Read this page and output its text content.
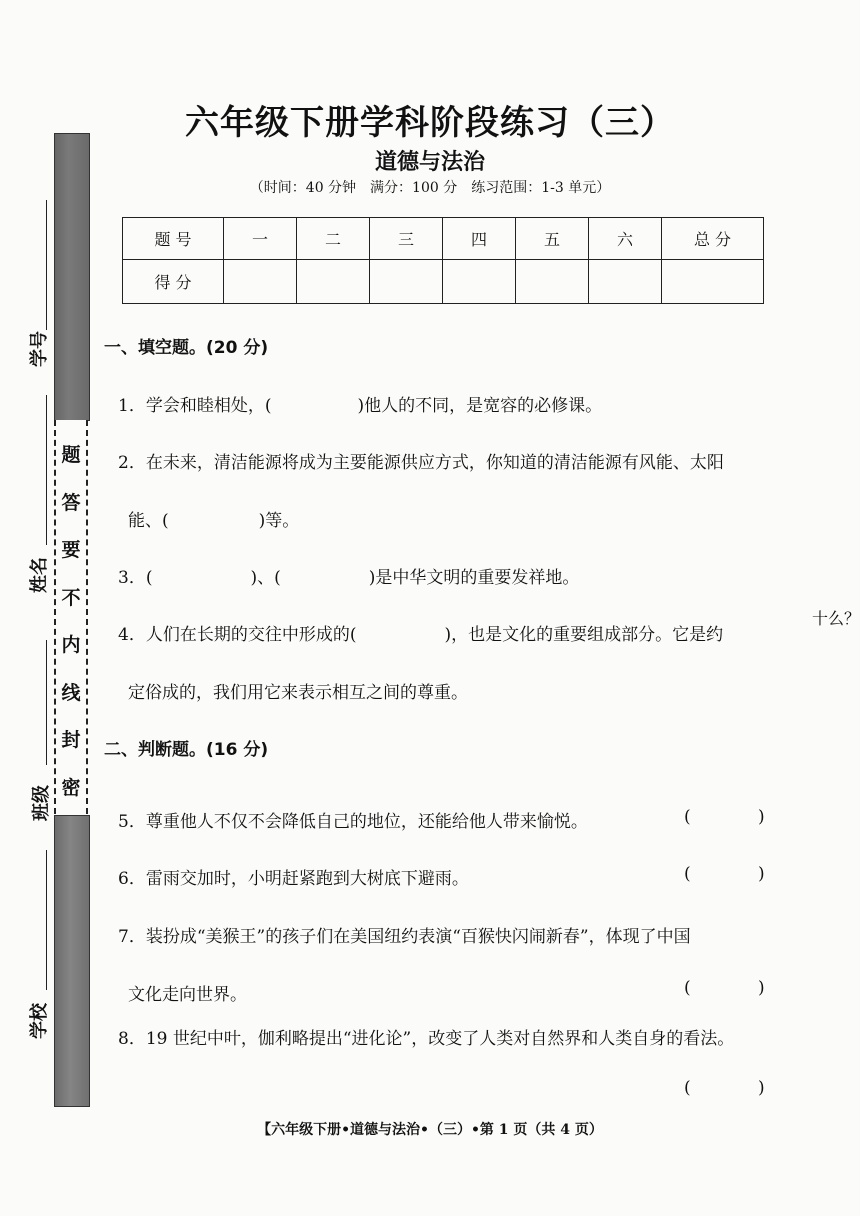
题
答
要
不
内
线
封
密
学号
姓名
班级
学校
六年级下册学科阶段练习（三）
道德与法治
（时间：40 分钟　满分：100 分　练习范围：1-3 单元）
题 号	一	二	三	四	五	六	总 分
得 分							
一、填空题。(20 分)
1．学会和睦相处，(	)他人的不同，是宽容的必修课。
2．在未来，清洁能源将成为主要能源供应方式，你知道的清洁能源有风能、太阳
能、(	)等。
3．(	)、(	)是中华文明的重要发祥地。
4．人们在长期的交往中形成的(	)，也是文化的重要组成部分。它是约
定俗成的，我们用它来表示相互之间的尊重。
二、判断题。(16 分)
5．尊重他人不仅不会降低自己的地位，还能给他人带来愉悦。	(	)
6．雷雨交加时，小明赶紧跑到大树底下避雨。	(	)
7．装扮成“美猴王”的孩子们在美国纽约表演“百猴快闪闹新春”，体现了中国
文化走向世界。	(	)
8．19 世纪中叶，伽利略提出“进化论”，改变了人类对自然界和人类自身的看法。
(	)
十么？
【六年级下册•道德与法治•（三）•第 1 页（共 4 页）
